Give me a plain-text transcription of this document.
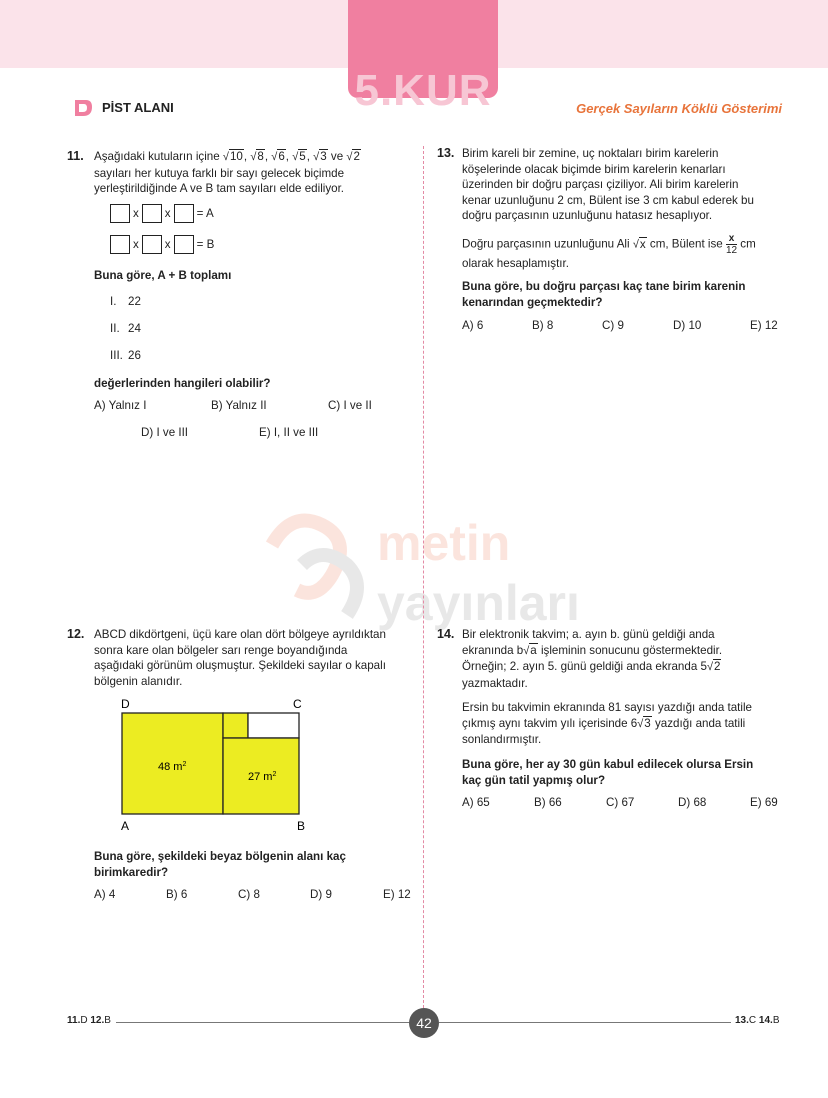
5.KUR
PİST ALANI	Gerçek Sayıların Köklü Gösterimi
metin
yayınları
11. Aşağıdaki kutuların içine √10, √8, √6, √5, √3 ve √2

sayıları her kutuya farklı bir sayı gelecek biçimde

yerleştirildiğinde A ve B tam sayıları elde ediliyor.

x x = A
x x = B
Buna göre, A + B toplamı
I. 22
II. 24
III. 26
değerlerinden hangileri olabilir?
A) Yalnız I	B) Yalnız II	C) I ve II
D) I ve III	E) I, II ve III
12. ABCD dikdörtgeni, üçü kare olan dört bölgeye ayrıldıktan

sonra kare olan bölgeler sarı renge boyandığında

aşağıdaki görünüm oluşmuştur. Şekildeki sayılar o kapalı

bölgenin alanıdır.

D	C
A	B
48 $m^2$
27 $m^2$

Buna göre, şekildeki beyaz bölgenin alanı kaç

birimkaredir?

A) 4	B) 6	C) 8	D) 9	E) 12
13. Birim kareli bir zemine, uç noktaları birim karelerin

köşelerinde olacak biçimde birim karelerin kenarları

üzerinden bir doğru parçası çiziliyor. Ali birim karelerin

kenar uzunluğunu 2 cm, Bülent ise 3 cm kabul ederek bu

doğru parçasının uzunluğunu hatasız hesaplıyor.

Doğru parçasının uzunluğunu Ali √x cm, Bülent ise $\frac{x}{12}$ cm

olarak hesaplamıştır.

Buna göre, bu doğru parçası kaç tane birim karenin

kenarından geçmektedir?

A) 6	B) 8	C) 9	D) 10	E) 12
14. Bir elektronik takvim; a. ayın b. günü geldiği anda

ekranında b√a işleminin sonucunu göstermektedir.

Örneğin; 2. ayın 5. günü geldiği anda ekranda 5√2

yazmaktadır.

Ersin bu takvimin ekranında 81 sayısı yazdığı anda tatile

çıkmış aynı takvim yılı içerisinde 6√3 yazdığı anda tatili

sonlandırmıştır.

Buna göre, her ay 30 gün kabul edilecek olursa Ersin

kaç gün tatil yapmış olur?

A) 65	B) 66	C) 67	D) 68	E) 69
42
11.D 12.B	13.C 14.B
